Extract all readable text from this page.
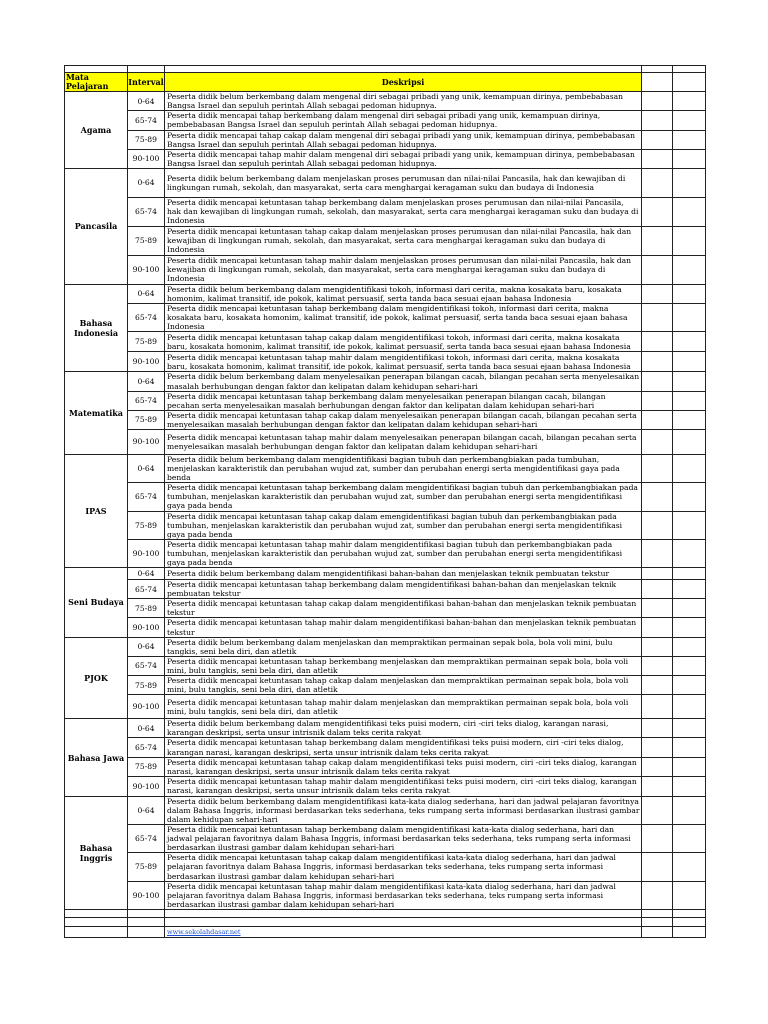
Mata Pelajaran	Interval	Deskripsi		
Agama	0-64	Peserta didik belum berkembang dalam mengenal diri sebagai pribadi yang unik, kemampuan dirinya, pembebabasan Bangsa Israel dan sepuluh perintah Allah sebagai pedoman hidupnya.		
	65-74	Peserta didik mencapai tahap berkembang dalam mengenal diri sebagai pribadi yang unik, kemampuan dirinya, pembebabasan Bangsa Israel dan sepuluh perintah Allah sebagai pedoman hidupnya.		
	75-89	Peserta didik mencapai tahap cakap dalam mengenal diri sebagai pribadi yang unik, kemampuan dirinya, pembebabasan Bangsa Israel dan sepuluh perintah Allah sebagai pedoman hidupnya.		
	90-100	Peserta didik mencapai tahap mahir dalam mengenal diri sebagai pribadi yang unik, kemampuan dirinya, pembebabasan Bangsa Israel dan sepuluh perintah Allah sebagai pedoman hidupnya.		
Pancasila	0-64	Peserta didik belum berkembang dalam menjelaskan proses perumusan dan nilai-nilai Pancasila, hak dan kewajiban di lingkungan rumah, sekolah, dan masyarakat, serta cara menghargai keragaman suku dan budaya di Indonesia		
	65-74	Peserta didik mencapai ketuntasan tahap berkembang dalam menjelaskan proses perumusan dan nilai-nilai Pancasila, hak dan kewajiban di lingkungan rumah, sekolah, dan masyarakat, serta cara menghargai keragaman suku dan budaya di Indonesia		
	75-89	Peserta didik mencapai ketuntasan tahap cakap dalam menjelaskan proses perumusan dan nilai-nilai Pancasila, hak dan kewajiban di lingkungan rumah, sekolah, dan masyarakat, serta cara menghargai keragaman suku dan budaya di Indonesia		
	90-100	Peserta didik mencapai ketuntasan tahap mahir dalam menjelaskan proses perumusan dan nilai-nilai Pancasila, hak dan kewajiban di lingkungan rumah, sekolah, dan masyarakat, serta cara menghargai keragaman suku dan budaya di Indonesia		
Bahasa Indonesia	0-64	Peserta didik belum berkembang dalam mengidentifikasi tokoh, informasi dari cerita, makna kosakata baru, kosakata homonim, kalimat transitif, ide pokok, kalimat persuasif, serta tanda baca sesuai ejaan bahasa Indonesia		
	65-74	Peserta didik mencapai ketuntasan tahap berkembang dalam mengidentifikasi tokoh, informasi dari cerita, makna kosakata baru, kosakata homonim, kalimat transitif, ide pokok, kalimat persuasif, serta tanda baca sesuai ejaan bahasa Indonesia		
	75-89	Peserta didik mencapai ketuntasan tahap cakap dalam mengidentifikasi tokoh, informasi dari cerita, makna kosakata baru, kosakata homonim, kalimat transitif, ide pokok, kalimat persuasif, serta tanda baca sesuai ejaan bahasa Indonesia		
	90-100	Peserta didik mencapai ketuntasan tahap mahir dalam mengidentifikasi tokoh, informasi dari cerita, makna kosakata baru, kosakata homonim, kalimat transitif, ide pokok, kalimat persuasif, serta tanda baca sesuai ejaan bahasa Indonesia		
Matematika	0-64	Peserta didik belum berkembang dalam menyelesaikan penerapan bilangan cacah, bilangan pecahan serta menyelesaikan masalah berhubungan dengan faktor dan kelipatan dalam kehidupan sehari-hari		
	65-74	Peserta didik mencapai ketuntasan tahap berkembang dalam menyelesaikan penerapan bilangan cacah, bilangan pecahan serta menyelesaikan masalah berhubungan dengan faktor dan kelipatan dalam kehidupan sehari-hari		
	75-89	Peserta didik mencapai ketuntasan tahap cakap dalam menyelesaikan penerapan bilangan cacah, bilangan pecahan serta menyelesaikan masalah berhubungan dengan faktor dan kelipatan dalam kehidupan sehari-hari		
	90-100	Peserta didik mencapai ketuntasan tahap mahir dalam menyelesaikan penerapan bilangan cacah, bilangan pecahan serta menyelesaikan masalah berhubungan dengan faktor dan kelipatan dalam kehidupan sehari-hari		
IPAS	0-64	Peserta didik belum berkembang dalam mengidentifikasi bagian tubuh dan perkembangbiakan pada tumbuhan, menjelaskan karakteristik dan perubahan wujud zat, sumber dan perubahan energi serta mengidentifikasi gaya pada benda		
	65-74	Peserta didik mencapai ketuntasan tahap berkembang dalam mengidentifikasi bagian tubuh dan perkembangbiakan pada tumbuhan, menjelaskan karakteristik dan perubahan wujud zat, sumber dan perubahan energi serta mengidentifikasi gaya pada benda		
	75-89	Peserta didik mencapai ketuntasan tahap cakap dalam emengidentifikasi bagian tubuh dan perkembangbiakan pada tumbuhan, menjelaskan karakteristik dan perubahan wujud zat, sumber dan perubahan energi serta mengidentifikasi gaya pada benda		
	90-100	Peserta didik mencapai ketuntasan tahap mahir dalam mengidentifikasi bagian tubuh dan perkembangbiakan pada tumbuhan, menjelaskan karakteristik dan perubahan wujud zat, sumber dan perubahan energi serta mengidentifikasi gaya pada benda		
Seni Budaya	0-64	Peserta didik belum berkembang dalam mengidentifikasi bahan-bahan dan menjelaskan teknik pembuatan tekstur		
	65-74	Peserta didik mencapai ketuntasan tahap berkembang dalam mengidentifikasi bahan-bahan dan menjelaskan teknik pembuatan tekstur		
	75-89	Peserta didik mencapai ketuntasan tahap cakap dalam mengidentifikasi bahan-bahan dan menjelaskan teknik pembuatan tekstur		
	90-100	Peserta didik mencapai ketuntasan tahap mahir dalam mengidentifikasi bahan-bahan dan menjelaskan teknik pembuatan tekstur		
PJOK	0-64	Peserta didik belum berkembang dalam menjelaskan dan mempraktikan permainan sepak bola, bola voli mini, bulu tangkis, seni bela diri, dan atletik		
	65-74	Peserta didik mencapai ketuntasan tahap berkembang menjelaskan dan mempraktikan permainan sepak bola, bola voli mini, bulu tangkis, seni bela diri, dan atletik		
	75-89	Peserta didik mencapai ketuntasan tahap cakap dalam menjelaskan dan mempraktikan permainan sepak bola, bola voli mini, bulu tangkis, seni bela diri, dan atletik		
	90-100	Peserta didik mencapai ketuntasan tahap mahir dalam menjelaskan dan mempraktikan permainan sepak bola, bola voli mini, bulu tangkis, seni bela diri, dan atletik		
Bahasa Jawa	0-64	Peserta didik belum berkembang dalam mengidentifikasi teks puisi modern, ciri -ciri teks dialog, karangan narasi, karangan deskripsi, serta unsur intrisnik dalam teks cerita rakyat		
	65-74	Peserta didik mencapai ketuntasan tahap berkembang dalam mengidentifikasi teks puisi modern, ciri -ciri teks dialog, karangan narasi, karangan deskripsi, serta unsur intrisnik dalam teks cerita rakyat		
	75-89	Peserta didik mencapai ketuntasan tahap cakap dalam mengidentifikasi teks puisi modern, ciri -ciri teks dialog, karangan narasi, karangan deskripsi, serta unsur intrisnik dalam teks cerita rakyat		
	90-100	Peserta didik mencapai ketuntasan tahap mahir dalam mengidentifikasi teks puisi modern, ciri -ciri teks dialog, karangan narasi, karangan deskripsi, serta unsur intrisnik dalam teks cerita rakyat		
Bahasa Inggris	0-64	Peserta didik belum berkembang dalam mengidentifikasi kata-kata dialog sederhana, hari dan jadwal pelajaran favoritnya dalam Bahasa Inggris, informasi berdasarkan teks sederhana, teks rumpang serta informasi berdasarkan ilustrasi gambar dalam kehidupan sehari-hari		
	65-74	Peserta didik mencapai ketuntasan tahap berkembang dalam mengidentifikasi kata-kata dialog sederhana, hari dan jadwal pelajaran favoritnya dalam Bahasa Inggris, informasi berdasarkan teks sederhana, teks rumpang serta informasi berdasarkan ilustrasi gambar dalam kehidupan sehari-hari		
	75-89	Peserta didik mencapai ketuntasan tahap cakap dalam mengidentifikasi kata-kata dialog sederhana, hari dan jadwal pelajaran favoritnya dalam Bahasa Inggris, informasi berdasarkan teks sederhana, teks rumpang serta informasi berdasarkan ilustrasi gambar dalam kehidupan sehari-hari		
	90-100	Peserta didik mencapai ketuntasan tahap mahir dalam mengidentifikasi kata-kata dialog sederhana, hari dan jadwal pelajaran favoritnya dalam Bahasa Inggris, informasi berdasarkan teks sederhana, teks rumpang serta informasi berdasarkan ilustrasi gambar dalam kehidupan sehari-hari		

		www.sekolahdasar.net		
